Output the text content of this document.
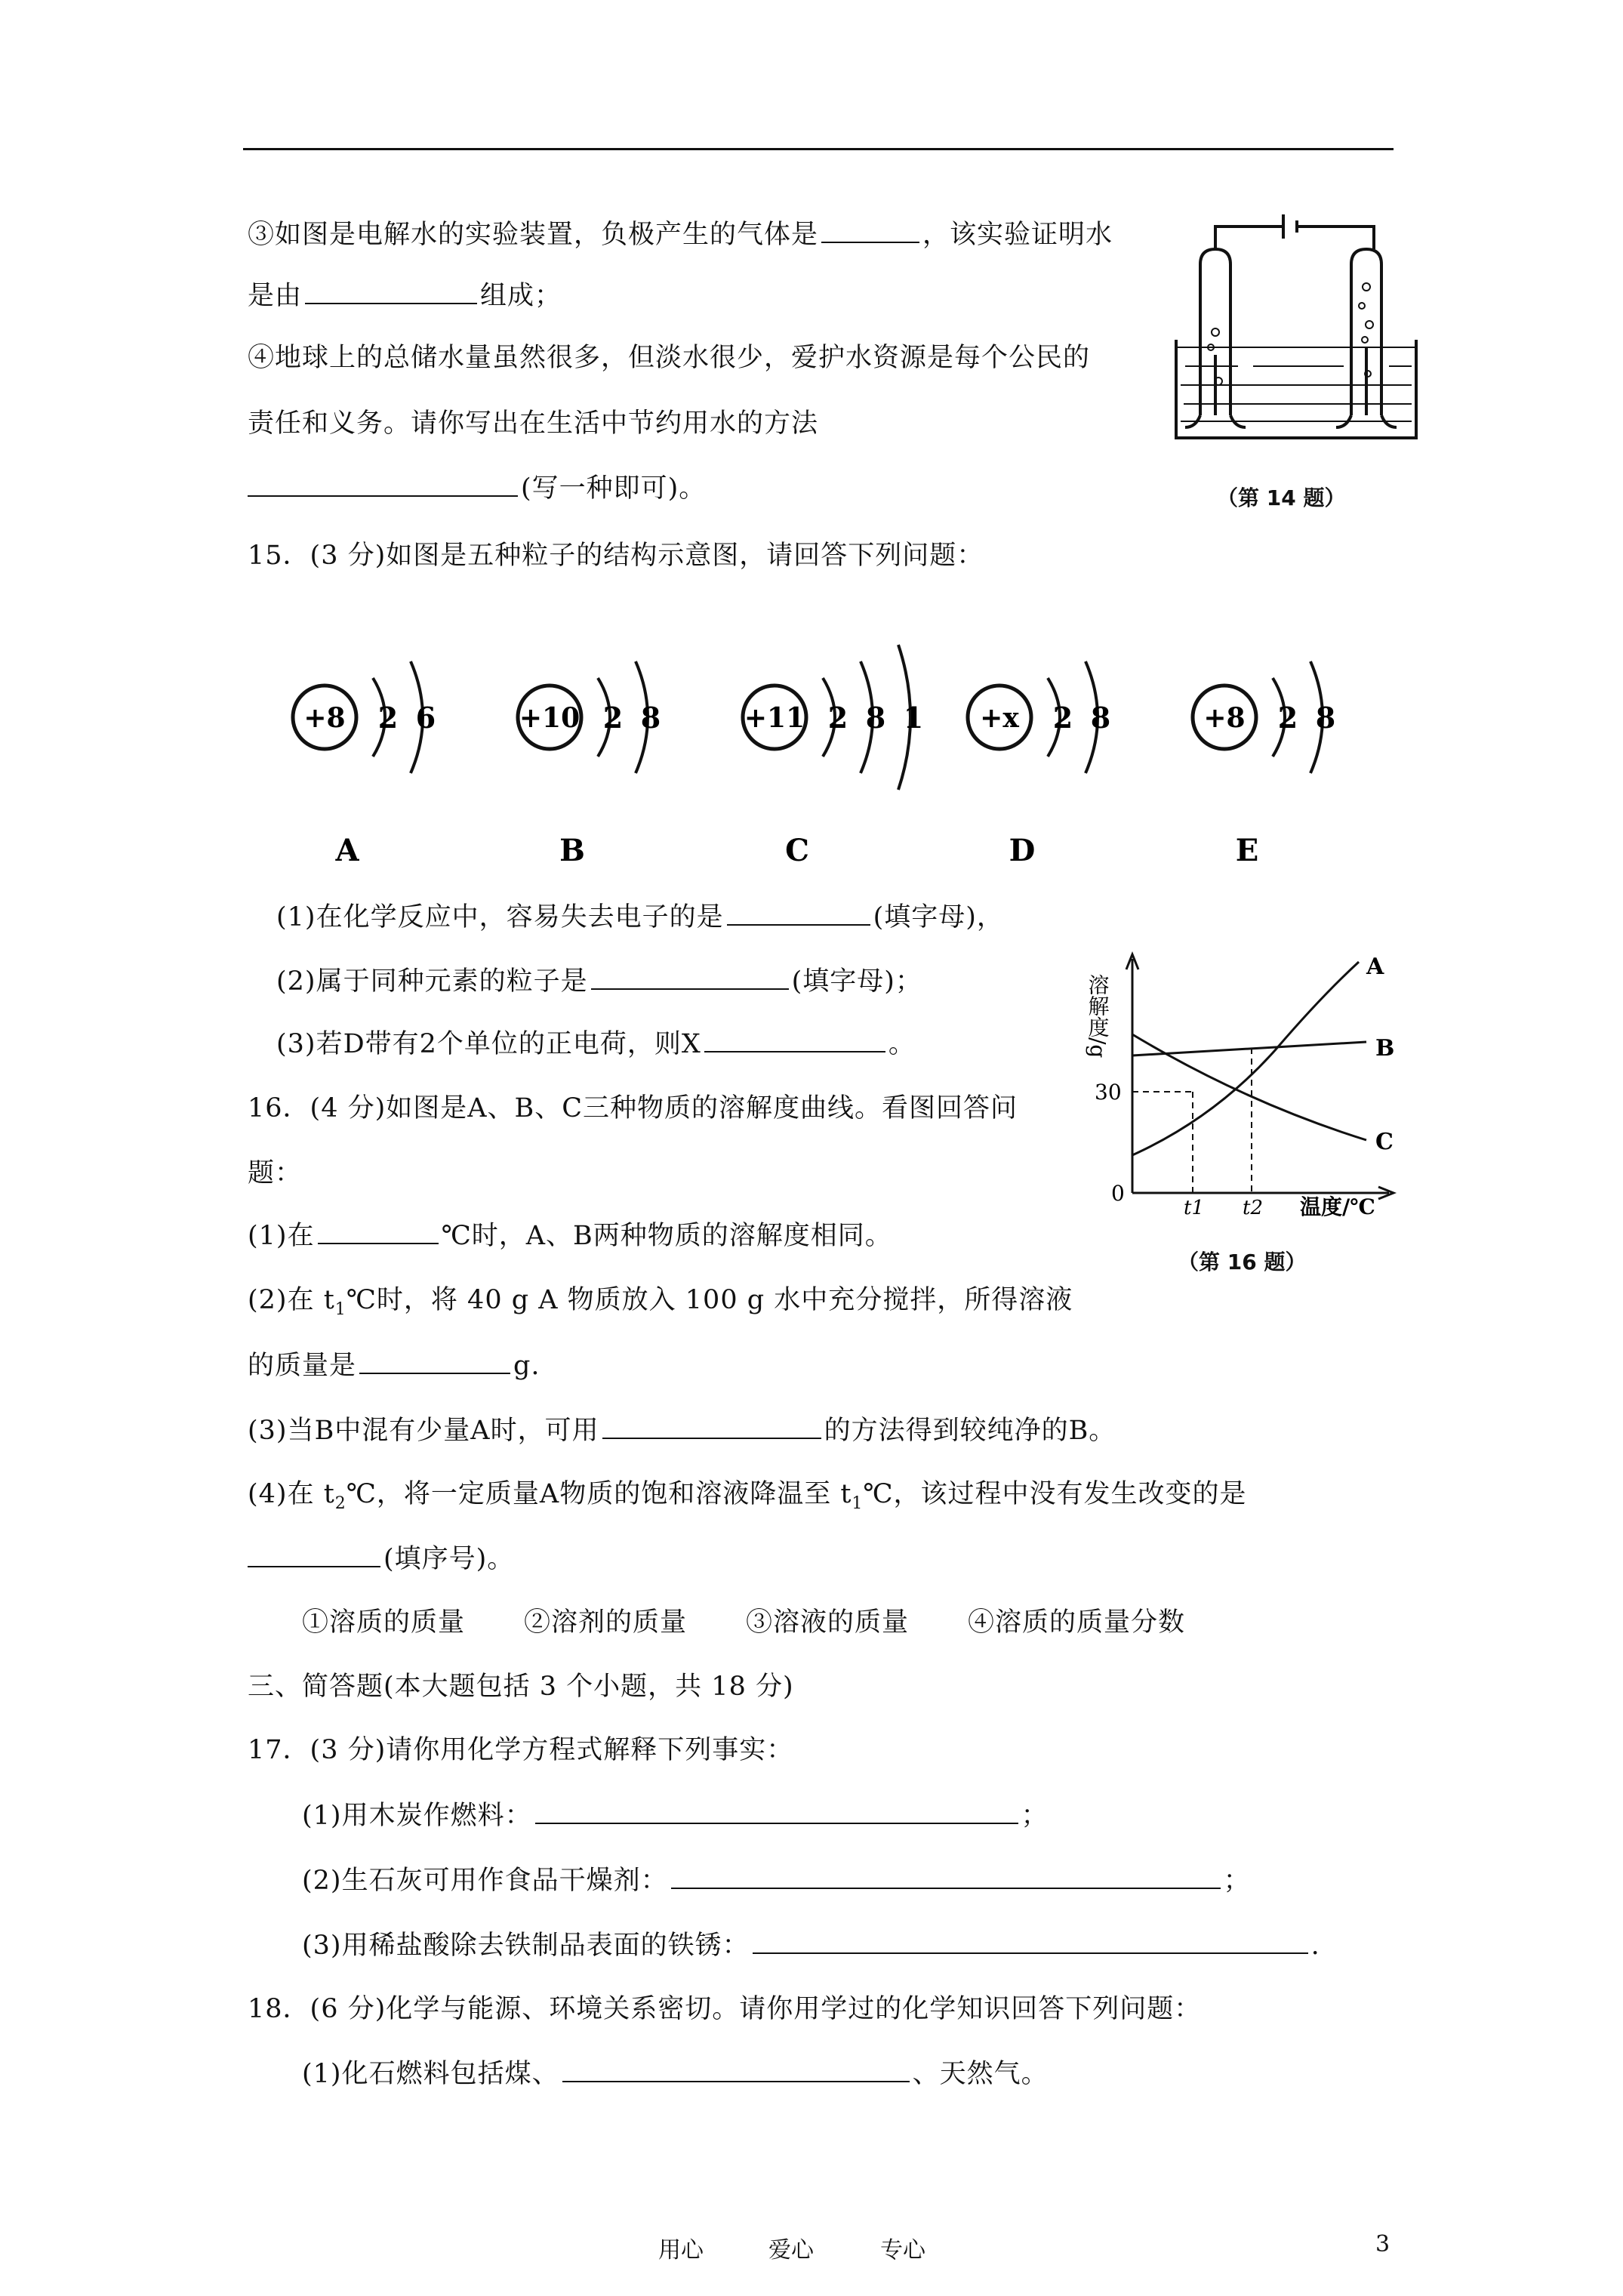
③如图是电解水的实验装置，负极产生的气体是	，该实验证明水
是由	组成；
④地球上的总储水量虽然很多，但淡水很少，爱护水资源是每个公民的
责任和义务。请你写出在生活中节约用水的方法
(写一种即可)。	（第 14 题）
15．(3 分)如图是五种粒子的结构示意图，请回答下列问题：
+8 2 6
A
+10 2 8
B
+11 2 8 1
C
+x 2 8
D
+8 2 8
E
(1)在化学反应中，容易失去电子的是	(填字母)，
(2)属于同种元素的粒子是	(填字母)；
(3)若D带有2个单位的正电荷，则X	。
16．(4 分)如图是A、B、C三种物质的溶解度曲线。看图回答问
题：
(1)在	℃时，A、B两种物质的溶解度相同。
(2)在 $t_1℃$时，将 40 g A 物质放入 100 g 水中充分搅拌，所得溶液
的质量是	g.
(3)当B中混有少量A时，可用	的方法得到较纯净的B。
(4)在 $t_2℃$，将一定质量A物质的饱和溶液降温至 $t_1℃$，该过程中没有发生改变的是
(填序号)。
①溶质的质量 ②溶剂的质量 ③溶液的质量 ④溶质的质量分数
溶解度/g
A
B
C
30
0
t1 t2 温度/℃
（第 16 题）
三、简答题(本大题包括 3 个小题，共 18 分)
17．(3 分)请你用化学方程式解释下列事实：
(1)用木炭作燃料：	；
(2)生石灰可用作食品干燥剂：	；
(3)用稀盐酸除去铁制品表面的铁锈：	.
18．(6 分)化学与能源、环境关系密切。请你用学过的化学知识回答下列问题：
(1)化石燃料包括煤、	、天然气。
用心	爱心	专心	3
